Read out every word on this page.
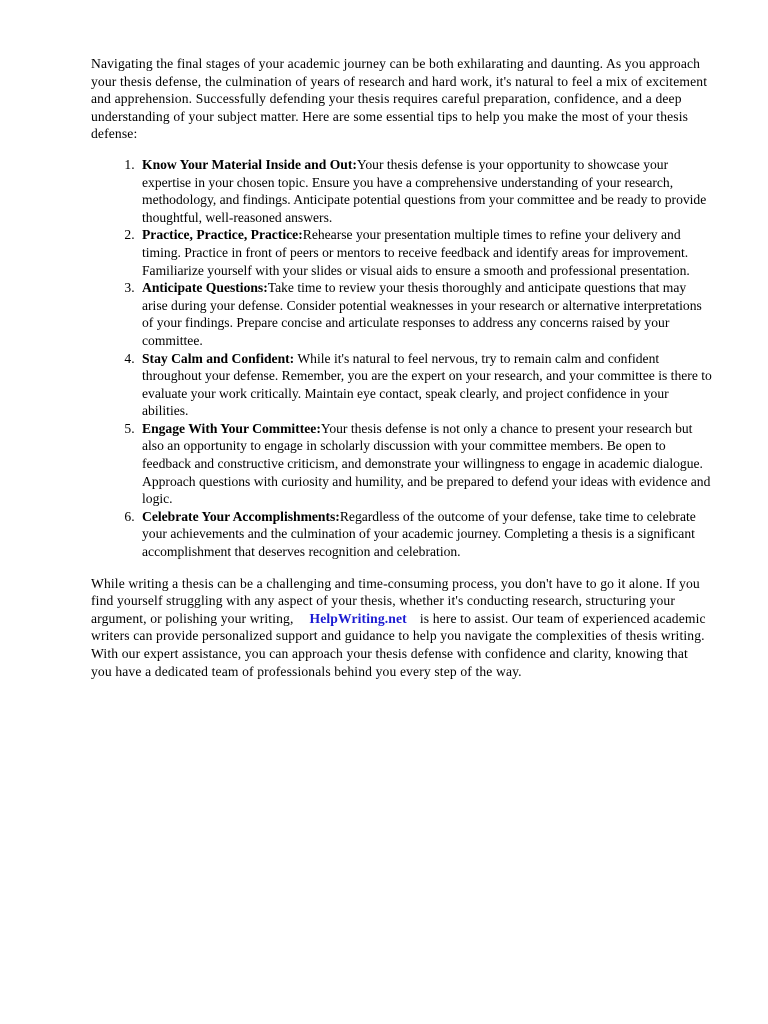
Navigating the final stages of your academic journey can be both exhilarating and daunting. As you approach your thesis defense, the culmination of years of research and hard work, it's natural to feel a mix of excitement and apprehension. Successfully defending your thesis requires careful preparation, confidence, and a deep understanding of your subject matter. Here are some essential tips to help you make the most of your thesis defense:

1. Know Your Material Inside and Out:Your thesis defense is your opportunity to showcase your expertise in your chosen topic. Ensure you have a comprehensive understanding of your research, methodology, and findings. Anticipate potential questions from your committee and be ready to provide thoughtful, well-reasoned answers.
2. Practice, Practice, Practice:Rehearse your presentation multiple times to refine your delivery and timing. Practice in front of peers or mentors to receive feedback and identify areas for improvement. Familiarize yourself with your slides or visual aids to ensure a smooth and professional presentation.
3. Anticipate Questions:Take time to review your thesis thoroughly and anticipate questions that may arise during your defense. Consider potential weaknesses in your research or alternative interpretations of your findings. Prepare concise and articulate responses to address any concerns raised by your committee.
4. Stay Calm and Confident: While it's natural to feel nervous, try to remain calm and confident throughout your defense. Remember, you are the expert on your research, and your committee is there to evaluate your work critically. Maintain eye contact, speak clearly, and project confidence in your abilities.
5. Engage With Your Committee:Your thesis defense is not only a chance to present your research but also an opportunity to engage in scholarly discussion with your committee members. Be open to feedback and constructive criticism, and demonstrate your willingness to engage in academic dialogue. Approach questions with curiosity and humility, and be prepared to defend your ideas with evidence and logic.
6. Celebrate Your Accomplishments:Regardless of the outcome of your defense, take time to celebrate your achievements and the culmination of your academic journey. Completing a thesis is a significant accomplishment that deserves recognition and celebration.

While writing a thesis can be a challenging and time-consuming process, you don't have to go it alone. If you find yourself struggling with any aspect of your thesis, whether it's conducting research, structuring your argument, or polishing your writing, HelpWriting.net is here to assist. Our team of experienced academic writers can provide personalized support and guidance to help you navigate the complexities of thesis writing. With our expert assistance, you can approach your thesis defense with confidence and clarity, knowing that you have a dedicated team of professionals behind you every step of the way.
